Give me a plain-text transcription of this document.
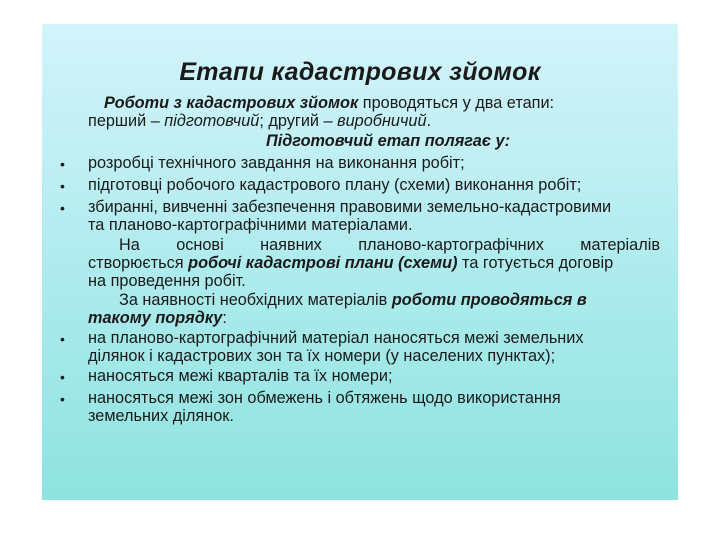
Етапи кадастрових зйомок
Роботи з кадастрових зйомок проводяться у два етапи:
перший – підготовчий; другий – виробничий.
Підготовчий етап полягає у:
• розробці технічного завдання на виконання робіт;
• підготовці робочого кадастрового плану (схеми) виконання робіт;
• збиранні, вивченні забезпечення правовими земельно-кадастровими
та планово-картографічними матеріалами.
На основі наявних планово-картографічних матеріалів
створюється робочі кадастрові плани (схеми) та готується договір
на проведення робіт.
За наявності необхідних матеріалів роботи проводяться в
такому порядку:
• на планово-картографічний матеріал наносяться межі земельних
ділянок і кадастрових зон та їх номери (у населених пунктах);
• наносяться межі кварталів та їх номери;
• наносяться межі зон обмежень і обтяжень щодо використання
земельних ділянок.
